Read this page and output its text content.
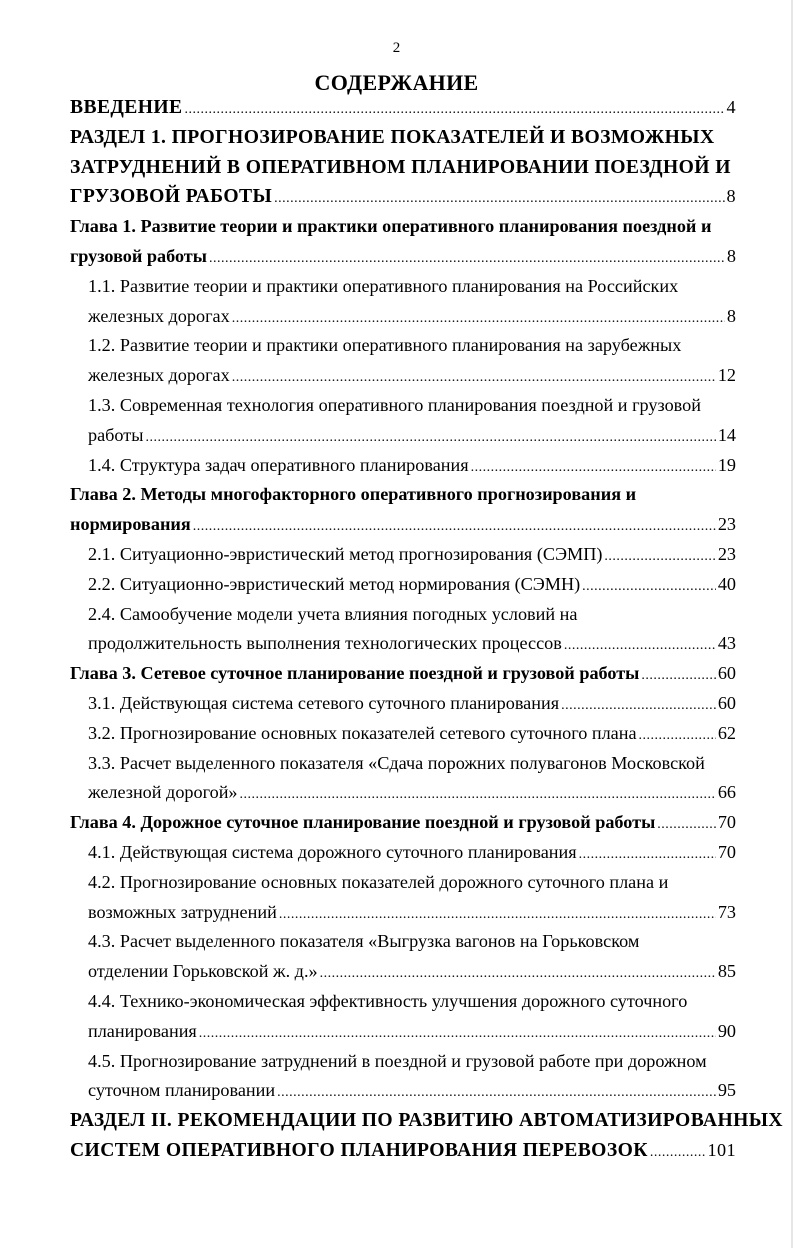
2
СОДЕРЖАНИЕ
ВВЕДЕНИЕ .....	4
РАЗДЕЛ 1. ПРОГНОЗИРОВАНИЕ ПОКАЗАТЕЛЕЙ И ВОЗМОЖНЫХ
ЗАТРУДНЕНИЙ В ОПЕРАТИВНОМ ПЛАНИРОВАНИИ ПОЕЗДНОЙ И
ГРУЗОВОЙ РАБОТЫ .....	8
Глава 1. Развитие теории и практики оперативного планирования поездной и
грузовой работы .....	8
1.1. Развитие теории и практики оперативного планирования на Российских
железных дорогах .....	8
1.2. Развитие теории и практики оперативного планирования на зарубежных
железных дорогах .....	12
1.3. Современная технология оперативного планирования поездной и грузовой
работы .....	14
1.4. Структура задач оперативного планирования .....	19
Глава 2. Методы многофакторного оперативного прогнозирования и
нормирования .....	23
2.1. Ситуационно-эвристический метод прогнозирования (СЭМП) .....	23
2.2. Ситуационно-эвристический метод нормирования (СЭМН) .....	40
2.4. Самообучение модели учета влияния погодных условий на
продолжительность выполнения технологических процессов .....	43
Глава 3. Сетевое суточное планирование поездной и грузовой работы .....	60
3.1. Действующая система сетевого суточного планирования .....	60
3.2. Прогнозирование основных показателей сетевого суточного плана .....	62
3.3. Расчет выделенного показателя «Сдача порожних полувагонов Московской
железной дорогой» .....	66
Глава 4. Дорожное суточное планирование поездной и грузовой работы .....	70
4.1. Действующая система дорожного суточного планирования .....	70
4.2. Прогнозирование основных показателей дорожного суточного плана и
возможных затруднений .....	73
4.3. Расчет выделенного показателя «Выгрузка вагонов на Горьковском
отделении Горьковской ж. д.» .....	85
4.4. Технико-экономическая эффективность улучшения дорожного суточного
планирования .....	90
4.5. Прогнозирование затруднений в поездной и грузовой работе при дорожном
суточном планировании .....	95
РАЗДЕЛ II. РЕКОМЕНДАЦИИ ПО РАЗВИТИЮ АВТОМАТИЗИРОВАННЫХ
СИСТЕМ ОПЕРАТИВНОГО ПЛАНИРОВАНИЯ ПЕРЕВОЗОК .....	101
